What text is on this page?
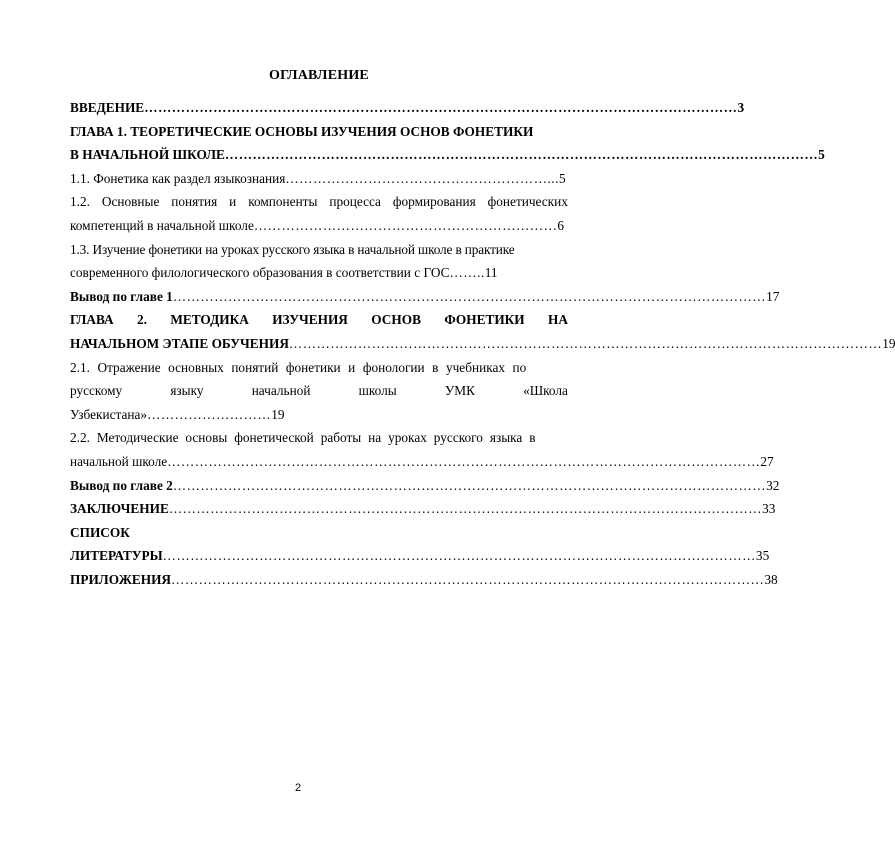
ОГЛАВЛЕНИЕ
ВВЕДЕНИЕ ………………………………………………………………………………………………………………… 3
ГЛАВА 1. ТЕОРЕТИЧЕСКИЕ ОСНОВЫ ИЗУЧЕНИЯ ОСНОВ ФОНЕТИКИ
В НАЧАЛЬНОЙ ШКОЛЕ ………………………………………………………………………………………………………………… 5
1.1. Фонетика как раздел языкознания…………………………………………………...5
1.2. Основные понятия и компоненты процесса формирования фонетических
компетенций в начальной школе…………………………………………………………6
1.3. Изучение фонетики на уроках русского языка в начальной школе в практике
современного филологического образования в соответствии с ГОС……..11
Вывод по главе 1 ………………………………………………………………………………………………………………… 17
ГЛАВА 2. МЕТОДИКА ИЗУЧЕНИЯ ОСНОВ ФОНЕТИКИ НА
НАЧАЛЬНОМ ЭТАПЕ ОБУЧЕНИЯ ………………………………………………………………………………………………………………… 19
2.1. Отражение основных понятий фонетики и фонологии в учебниках по
русскому	языку	начальной	школы	УМК	«Школа
Узбекистана»………………………19
2.2. Методические основы фонетической работы на уроках русского языка в
начальной школе ………………………………………………………………………………………………………………… 27
Вывод по главе 2 ………………………………………………………………………………………………………………… 32
ЗАКЛЮЧЕНИЕ ………………………………………………………………………………………………………………… 33
СПИСОК
ЛИТЕРАТУРЫ ………………………………………………………………………………………………………………… 35
ПРИЛОЖЕНИЯ ………………………………………………………………………………………………………………… 38
2
